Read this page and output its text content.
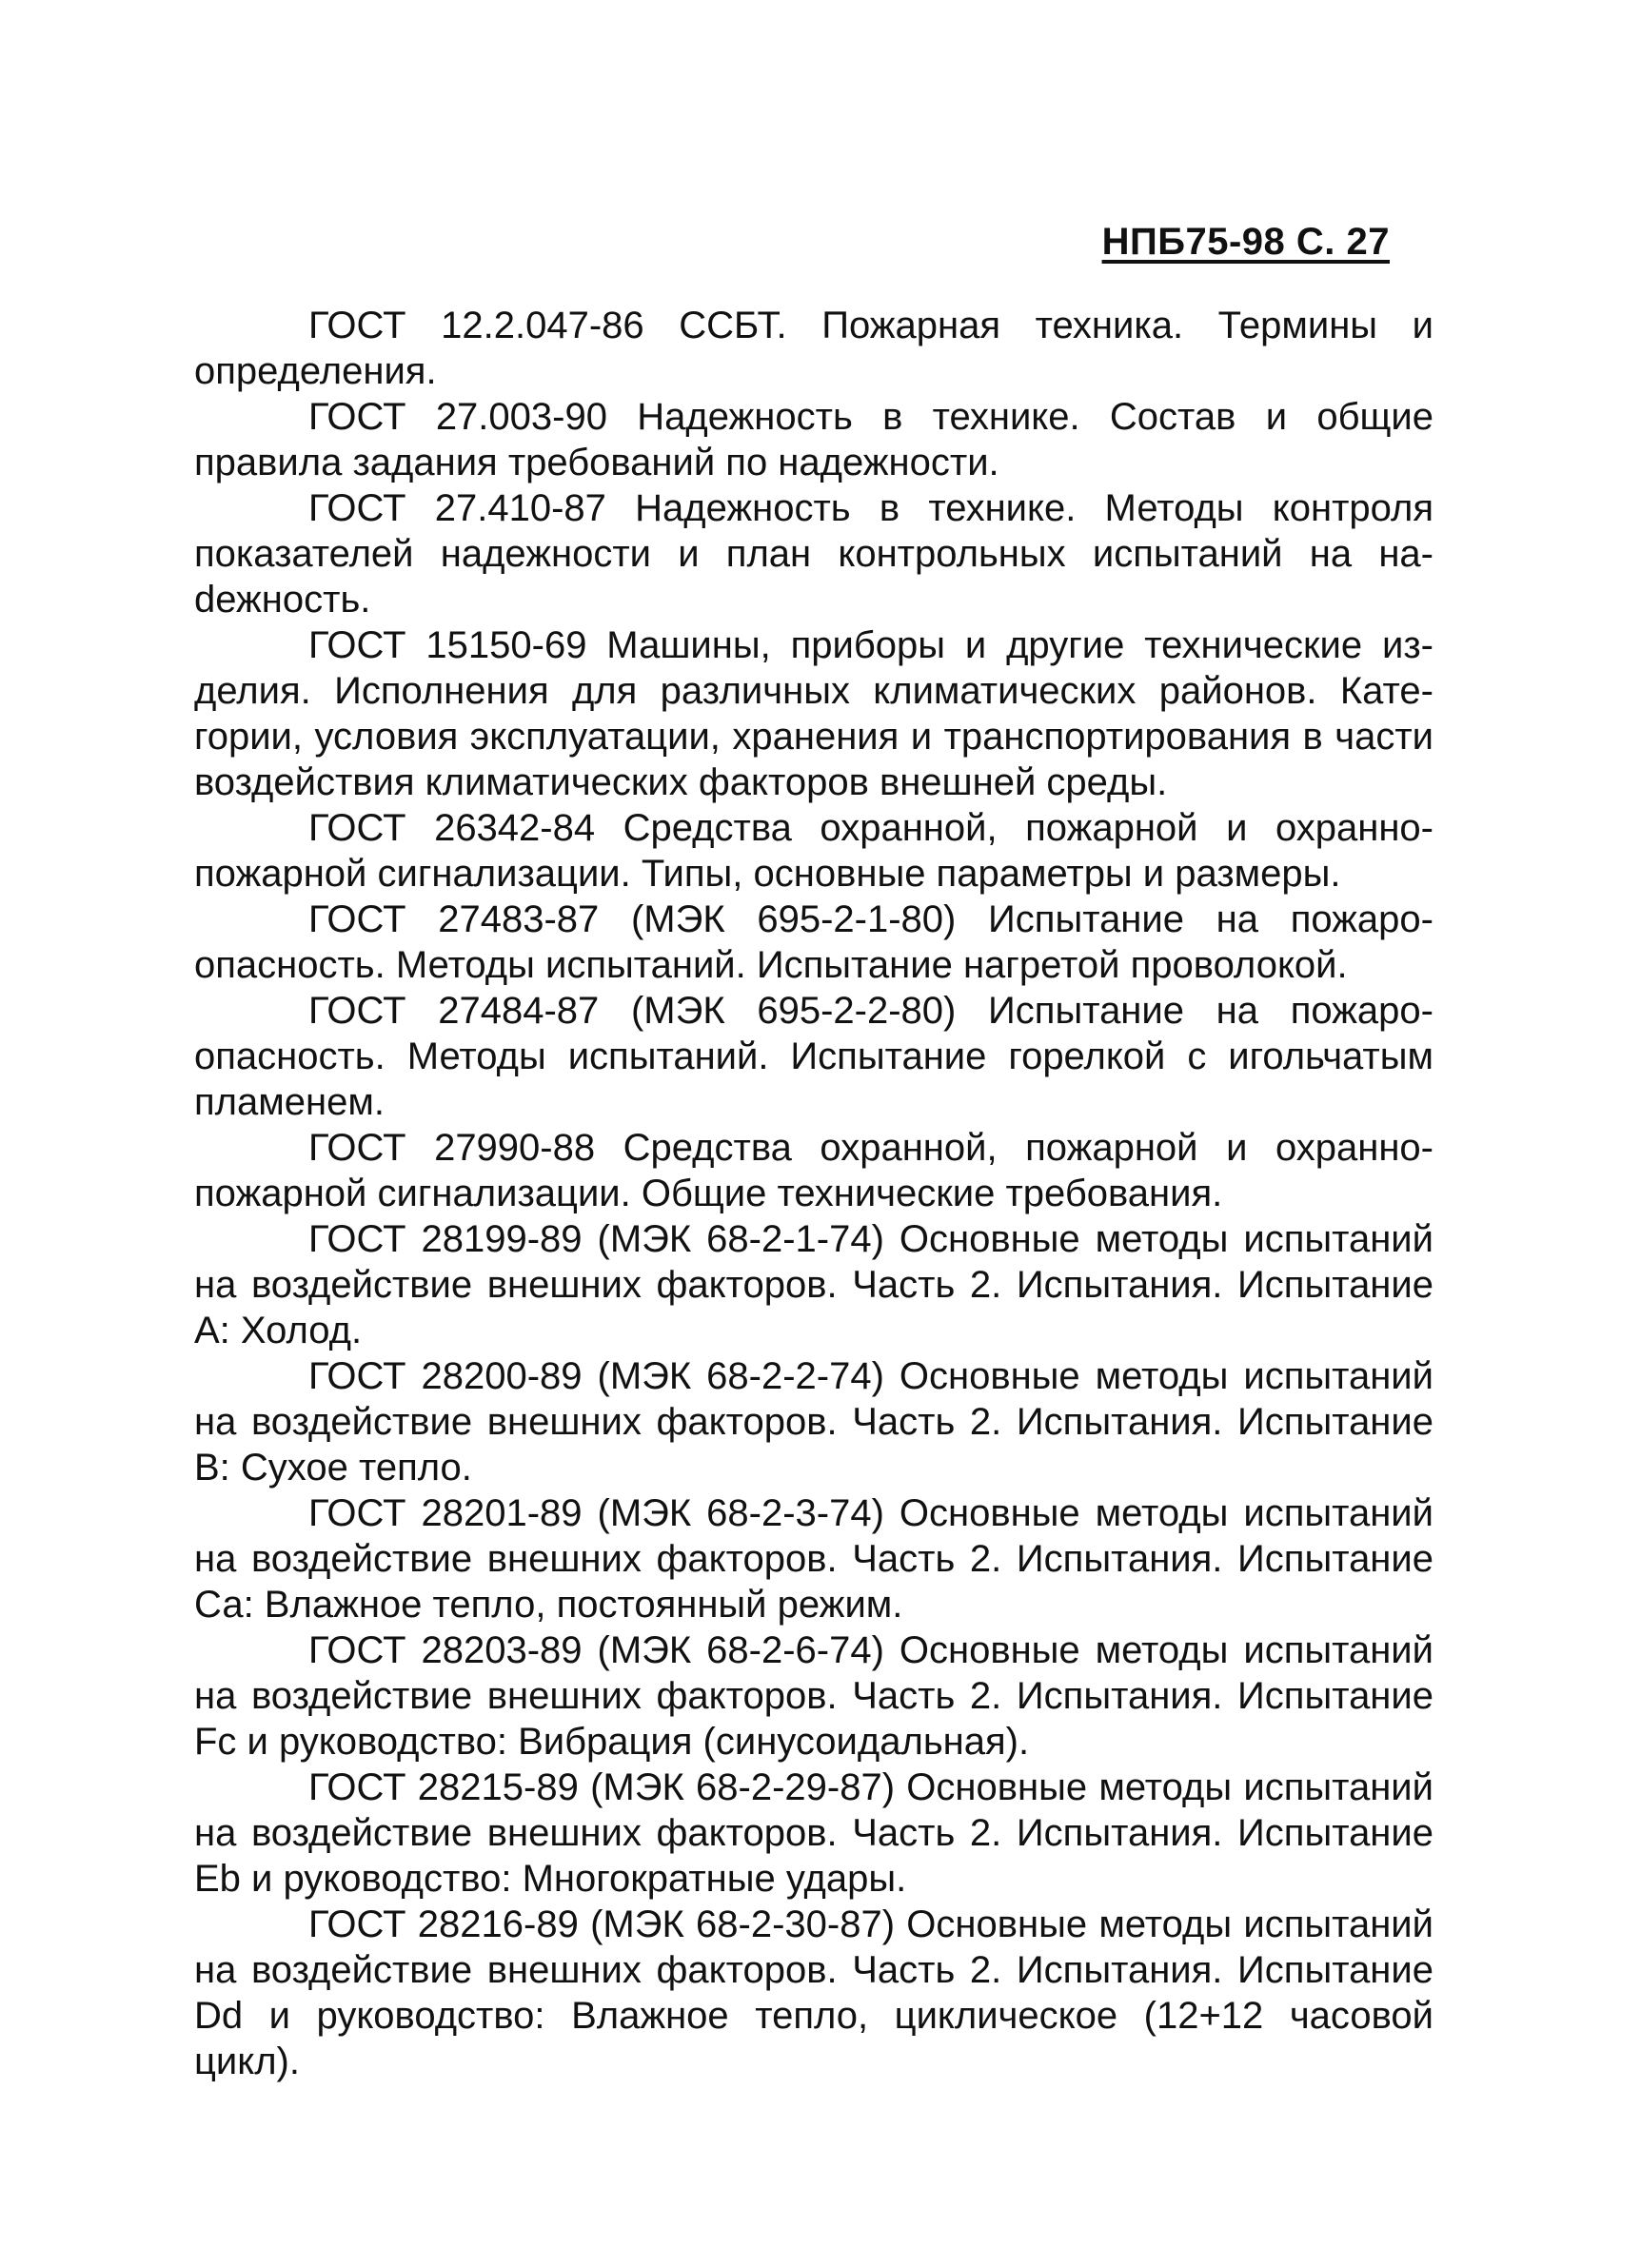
НПБ75-98 С. 27

ГОСТ 12.2.047-86 ССБТ. Пожарная техника. Термины и определения.

ГОСТ 27.003-90 Надежность в технике. Состав и общие правила задания требований по надежности.

ГОСТ 27.410-87 Надежность в технике. Методы контроля показателей надежности и план контрольных испытаний на наdежность.

ГОСТ 15150-69 Машины, приборы и другие технические изделия. Исполнения для различных климатических районов. Категории, условия эксплуатации, хранения и транспортирования в части воздействия климатических факторов внешней среды.

ГОСТ 26342-84 Средства охранной, пожарной и охранно-пожарной сигнализации. Типы, основные параметры и размеры.

ГОСТ 27483-87 (МЭК 695-2-1-80) Испытание на пожароопасность. Методы испытаний. Испытание нагретой проволокой.

ГОСТ 27484-87 (МЭК 695-2-2-80) Испытание на пожароопасность. Методы испытаний. Испытание горелкой с игольчатым пламенем.

ГОСТ 27990-88 Средства охранной, пожарной и охранно-пожарной сигнализации. Общие технические требования.

ГОСТ 28199-89 (МЭК 68-2-1-74) Основные методы испытаний на воздействие внешних факторов. Часть 2. Испытания. Испытание А: Холод.

ГОСТ 28200-89 (МЭК 68-2-2-74) Основные методы испытаний на воздействие внешних факторов. Часть 2. Испытания. Испытание В: Сухое тепло.

ГОСТ 28201-89 (МЭК 68-2-3-74) Основные методы испытаний на воздействие внешних факторов. Часть 2. Испытания. Испытание Са: Влажное тепло, постоянный режим.

ГОСТ 28203-89 (МЭК 68-2-6-74) Основные методы испытаний на воздействие внешних факторов. Часть 2. Испытания. Испытание Fc и руководство: Вибрация (синусоидальная).

ГОСТ 28215-89 (МЭК 68-2-29-87) Основные методы испытаний на воздействие внешних факторов. Часть 2. Испытания. Испытание Eb и руководство: Многократные удары.

ГОСТ 28216-89 (МЭК 68-2-30-87) Основные методы испытаний на воздействие внешних факторов. Часть 2. Испытания. Испытание Dd и руководство: Влажное тепло, циклическое (12+12 часовой цикл).
